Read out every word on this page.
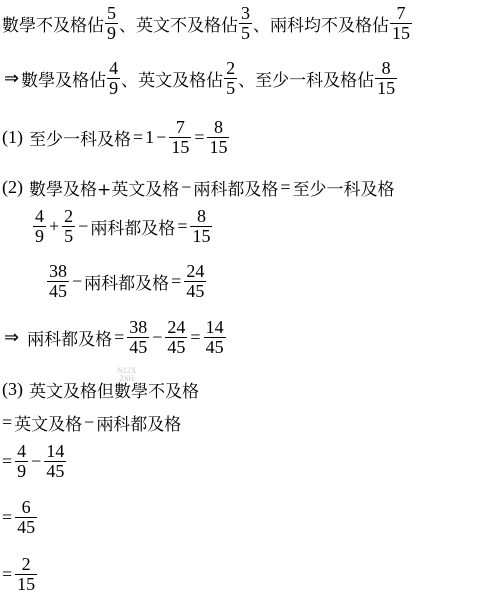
數學不及格佔 $\frac{5}{9}$ 、英文不及格佔 $\frac{3}{5}$ 、兩科均不及格佔 $\frac{7}{15}$
⇒ 數學及格佔 $\frac{4}{9}$ 、英文及格佔 $\frac{2}{5}$ 、至少一科及格佔 $\frac{8}{15}$
(1) 至少一科及格 = $1 - \frac{7}{15} = \frac{8}{15}$
(2) 數學及格+英文及格 − 兩科都及格 = 至少一科及格
$\frac{4}{9} + \frac{2}{5}$ − 兩科都及格 = $\frac{8}{15}$
$\frac{38}{45}$ − 兩科都及格 = $\frac{24}{45}$
⇒ 兩科都及格 = $\frac{38}{45} - \frac{24}{45} = \frac{14}{45}$
(3) 英文及格但數學不及格
N12X
Z6H
= 英文及格 − 兩科都及格
= $\frac{4}{9} - \frac{14}{45}$
= $\frac{6}{45}$
= $\frac{2}{15}$
